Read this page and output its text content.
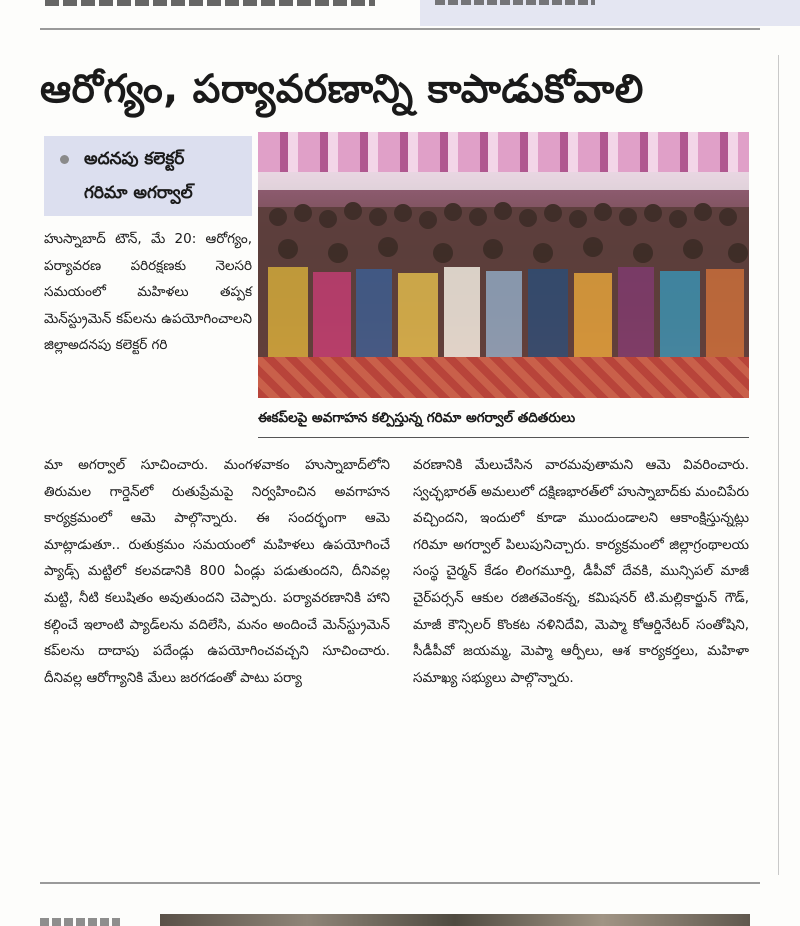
ఆరోగ్యం, పర్యావరణాన్ని కాపాడుకోవాలి
అదనపు కలెక్టర్
గరిమా అగర్వాల్
ఈకప్‌లపై అవగాహన కల్పిస్తున్న గరిమా అగర్వాల్ తదితరులు

హుస్నాబాద్ టౌన్, మే 20: ఆరోగ్యం, పర్యావరణ పరిరక్షణకు నెలసరి సమయంలో మహిళలు తప్పక మెన్‌స్ట్రుమెన్ కప్‌లను ఉపయోగించాలని జిల్లాఅదనపు కలెక్టర్ గరి

మా అగర్వాల్ సూచించారు. మంగళవాకం హుస్నాబాద్‌లోని తిరుమల గార్డెన్‌లో రుతుప్రేమపై నిర్వహించిన అవగాహన కార్యక్రమంలో ఆమె పాల్గొన్నారు. ఈ సందర్భంగా ఆమె మాట్లాడుతూ.. రుతుక్రమం సమయంలో మహిళలు ఉపయోగించే ప్యాడ్స్ మట్టిలో కలవడానికి 800 ఏండ్లు పడుతుందని, దీనివల్ల మట్టి, నీటి కలుషితం అవుతుందని చెప్పారు. పర్యావరణానికి హాని కల్గించే ఇలాంటి ప్యాడ్‌లను వదిలేసి, మనం అందించే మెన్‌స్ట్రుమెన్ కప్‌లను దాదాపు పదేండ్లు ఉపయోగించవచ్చని సూచించారు. దీనివల్ల ఆరోగ్యానికి మేలు జరగడంతో పాటు పర్యా

వరణానికి మేలుచేసిన వారమవుతామని ఆమె వివరించారు. స్వచ్ఛభారత్ అమలులో దక్షిణభారత్‌లో హుస్నాబాద్‌కు మంచిపేరు వచ్చిందని, ఇందులో కూడా ముందుండాలని ఆకాంక్షిస్తున్నట్లు గరిమా అగర్వాల్ పిలుపునిచ్చారు. కార్యక్రమంలో జిల్లాగ్రంథాలయ సంస్థ చైర్మన్ కేడం లింగమూర్తి, డీపీవో దేవకి, మున్సిపల్ మాజీ చైర్‌పర్సన్ ఆకుల రజితవెంకన్న, కమిషనర్ టి.మల్లికార్జున్ గౌడ్, మాజీ కౌన్సిలర్ కొంకట నళినిదేవి, మెప్మా కోఆర్డినేటర్ సంతోషిని, సీడీపీవో జయమ్మ, మెప్మా ఆర్పీలు, ఆశ కార్యకర్తలు, మహిళా సమాఖ్య సభ్యులు పాల్గొన్నారు.
